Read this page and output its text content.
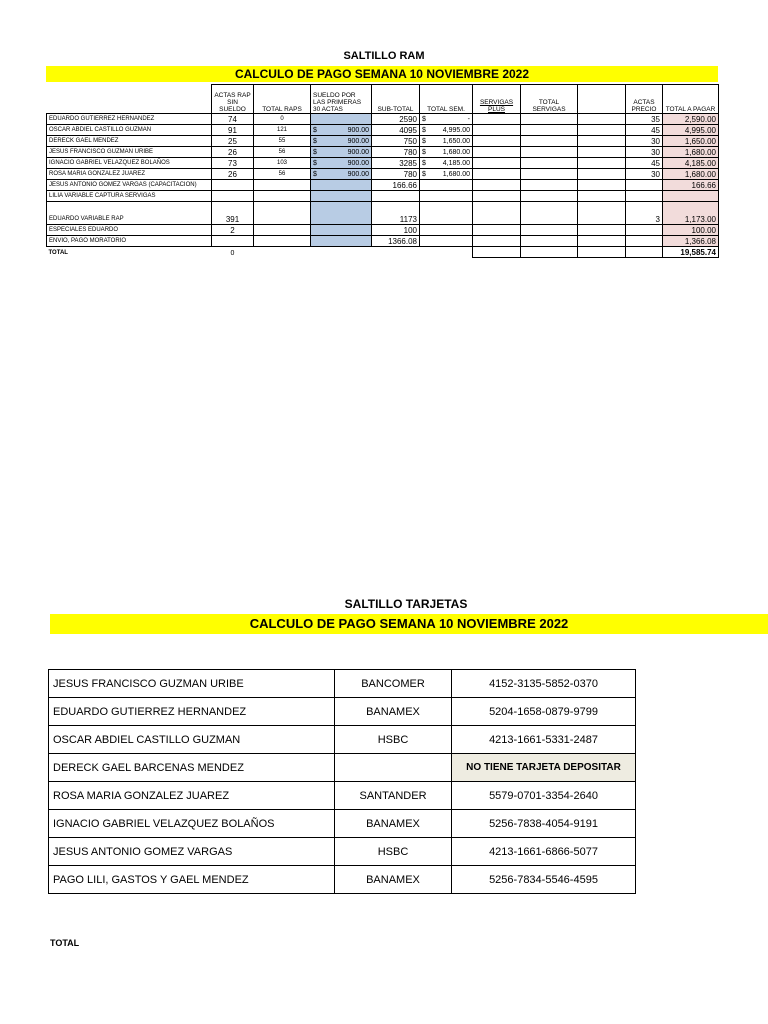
SALTILLO RAM
CALCULO DE PAGO SEMANA 10 NOVIEMBRE 2022
	ACTAS RAP SIN SUELDO	TOTAL RAPS	SUELDO POR LAS PRIMERAS 30 ACTAS	SUB-TOTAL	TOTAL SEM.	SERVIGAS PLUS	TOTAL SERVIGAS		ACTAS PRECIO	TOTAL A PAGAR
EDUARDO GUTIERREZ HERNANDEZ	74	0		2590	$ -				35	2,590.00
OSCAR ABDIEL CASTILLO GUZMAN	91	121	$ 900.00	4095	$ 4,995.00				45	4,995.00
DERECK GAEL MENDEZ	25	55	$ 900.00	750	$ 1,650.00				30	1,650.00
JESUS FRANCISCO GUZMAN URIBE	26	56	$ 900.00	780	$ 1,680.00				30	1,680.00
IGNACIO GABRIEL VELAZQUEZ BOLAÑOS	73	103	$ 900.00	3285	$ 4,185.00				45	4,185.00
ROSA MARIA GONZALEZ JUAREZ	26	56	$ 900.00	780	$ 1,680.00				30	1,680.00
JESUS ANTONIO GOMEZ VARGAS (CAPACITACION)				166.66						166.66
LILIA VARIABLE CAPTURA SERVIGAS										
EDUARDO VARIABLE RAP	391			1173					3	1,173.00
ESPECIALES EDUARDO	2			100						100.00
ENVIO, PAGO MORATORIO				1366.08						1,366.08
TOTAL	0									19,585.74
SALTILLO TARJETAS
CALCULO DE PAGO SEMANA 10 NOVIEMBRE 2022
JESUS FRANCISCO GUZMAN URIBE	BANCOMER	4152-3135-5852-0370
EDUARDO GUTIERREZ HERNANDEZ	BANAMEX	5204-1658-0879-9799
OSCAR ABDIEL CASTILLO GUZMAN	HSBC	4213-1661-5331-2487
DERECK GAEL BARCENAS MENDEZ		NO TIENE TARJETA DEPOSITAR
ROSA MARIA GONZALEZ JUAREZ	SANTANDER	5579-0701-3354-2640
IGNACIO GABRIEL VELAZQUEZ BOLAÑOS	BANAMEX	5256-7838-4054-9191
JESUS ANTONIO GOMEZ VARGAS	HSBC	4213-1661-6866-5077
PAGO LILI, GASTOS Y GAEL MENDEZ	BANAMEX	5256-7834-5546-4595
TOTAL
